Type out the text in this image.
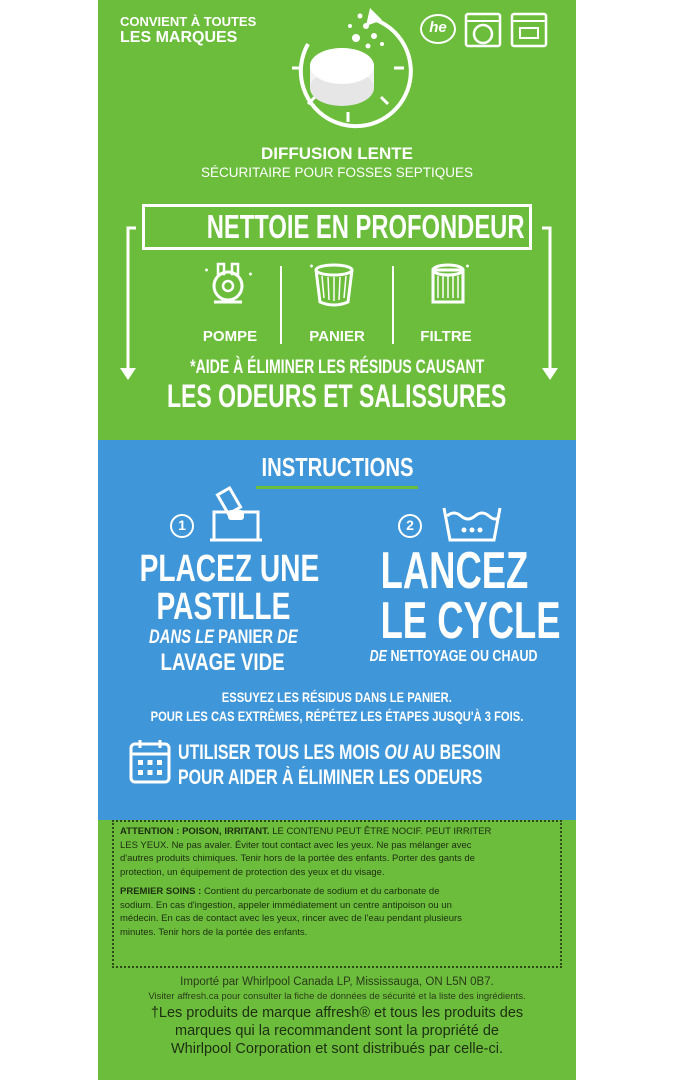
CONVIENT À TOUTES
LES MARQUES
he
DIFFUSION LENTE
SÉCURITAIRE POUR FOSSES SEPTIQUES
NETTOIE EN PROFONDEUR
POMPE	PANIER	FILTRE
*AIDE À ÉLIMINER LES RÉSIDUS CAUSANT
LES ODEURS ET SALISSURES
INSTRUCTIONS
1	2
PLACEZ UNE
PASTILLE
DANS LE PANIER DE
LAVAGE VIDE
LANCEZ
LE CYCLE
DE NETTOYAGE OU CHAUD
ESSUYEZ LES RÉSIDUS DANS LE PANIER.
POUR LES CAS EXTRÊMES, RÉPÉTEZ LES ÉTAPES JUSQU'À 3 FOIS.
UTILISER TOUS LES MOIS OU AU BESOIN
POUR AIDER À ÉLIMINER LES ODEURS
ATTENTION : POISON, IRRITANT. LE CONTENU PEUT ÊTRE NOCIF. PEUT IRRITER
LES YEUX. Ne pas avaler. Éviter tout contact avec les yeux. Ne pas mélanger avec
d'autres produits chimiques. Tenir hors de la portée des enfants. Porter des gants de
protection, un équipement de protection des yeux et du visage.
PREMIER SOINS : Contient du percarbonate de sodium et du carbonate de
sodium. En cas d'ingestion, appeler immédiatement un centre antipoison ou un
médecin. En cas de contact avec les yeux, rincer avec de l'eau pendant plusieurs
minutes. Tenir hors de la portée des enfants.
Importé par Whirlpool Canada LP, Mississauga, ON L5N 0B7.
Visiter affresh.ca pour consulter la fiche de données de sécurité et la liste des ingrédients.
†Les produits de marque affresh® et tous les produits des
marques qui la recommandent sont la propriété de
Whirlpool Corporation et sont distribués par celle-ci.
